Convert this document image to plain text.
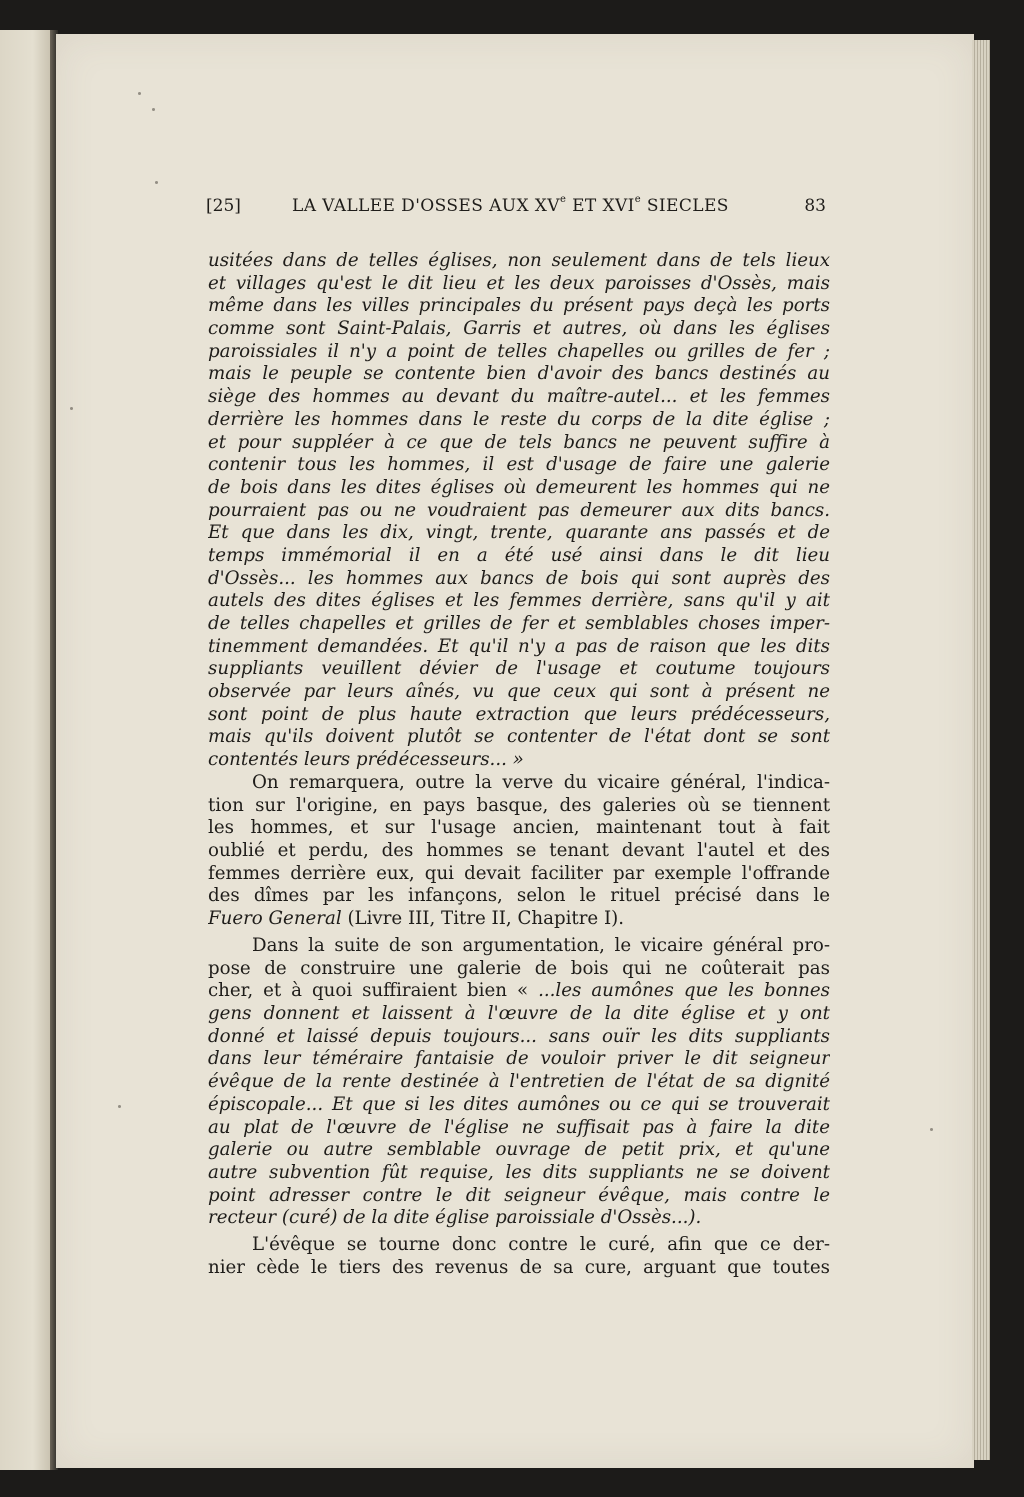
[25]	LA VALLEE D'OSSES AUX XVe ET XVIe SIECLES	83
usitées dans de telles églises, non seulement dans de tels lieux
et villages qu'est le dit lieu et les deux paroisses d'Ossès, mais
même dans les villes principales du présent pays deçà les ports
comme sont Saint-Palais, Garris et autres, où dans les églises
paroissiales il n'y a point de telles chapelles ou grilles de fer ;
mais le peuple se contente bien d'avoir des bancs destinés au
siège des hommes au devant du maître-autel... et les femmes
derrière les hommes dans le reste du corps de la dite église ;
et pour suppléer à ce que de tels bancs ne peuvent suffire à
contenir tous les hommes, il est d'usage de faire une galerie
de bois dans les dites églises où demeurent les hommes qui ne
pourraient pas ou ne voudraient pas demeurer aux dits bancs.
Et que dans les dix, vingt, trente, quarante ans passés et de
temps immémorial il en a été usé ainsi dans le dit lieu
d'Ossès... les hommes aux bancs de bois qui sont auprès des
autels des dites églises et les femmes derrière, sans qu'il y ait
de telles chapelles et grilles de fer et semblables choses imper-
tinemment demandées. Et qu'il n'y a pas de raison que les dits
suppliants veuillent dévier de l'usage et coutume toujours
observée par leurs aînés, vu que ceux qui sont à présent ne
sont point de plus haute extraction que leurs prédécesseurs,
mais qu'ils doivent plutôt se contenter de l'état dont se sont
contentés leurs prédécesseurs... »
On remarquera, outre la verve du vicaire général, l'indica-
tion sur l'origine, en pays basque, des galeries où se tiennent
les hommes, et sur l'usage ancien, maintenant tout à fait
oublié et perdu, des hommes se tenant devant l'autel et des
femmes derrière eux, qui devait faciliter par exemple l'offrande
des dîmes par les infançons, selon le rituel précisé dans le
Fuero General (Livre III, Titre II, Chapitre I).
Dans la suite de son argumentation, le vicaire général pro-
pose de construire une galerie de bois qui ne coûterait pas
cher, et à quoi suffiraient bien « ...les aumônes que les bonnes
gens donnent et laissent à l'œuvre de la dite église et y ont
donné et laissé depuis toujours... sans ouïr les dits suppliants
dans leur téméraire fantaisie de vouloir priver le dit seigneur
évêque de la rente destinée à l'entretien de l'état de sa dignité
épiscopale... Et que si les dites aumônes ou ce qui se trouverait
au plat de l'œuvre de l'église ne suffisait pas à faire la dite
galerie ou autre semblable ouvrage de petit prix, et qu'une
autre subvention fût requise, les dits suppliants ne se doivent
point adresser contre le dit seigneur évêque, mais contre le
recteur (curé) de la dite église paroissiale d'Ossès...).
L'évêque se tourne donc contre le curé, afin que ce der-
nier cède le tiers des revenus de sa cure, arguant que toutes
